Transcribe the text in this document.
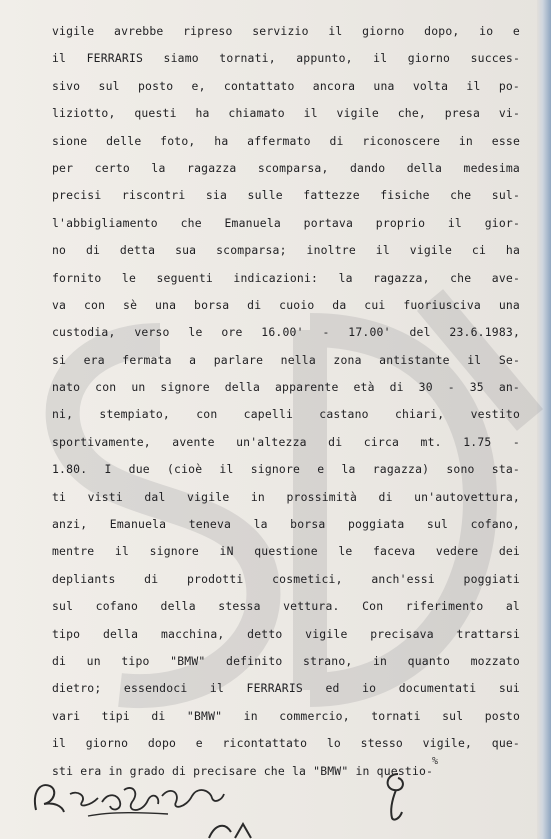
vigile avrebbe ripreso servizio il giorno dopo, io e
il FERRARIS siamo tornati, appunto, il giorno succes-
sivo sul posto e, contattato ancora una volta il po-
liziotto, questi ha chiamato il vigile che, presa vi-
sione delle foto, ha affermato di riconoscere in esse
per certo la ragazza scomparsa, dando della medesima
precisi riscontri sia sulle fattezze fisiche che sul-
l'abbigliamento che Emanuela portava proprio il gior-
no di detta sua scomparsa; inoltre il vigile ci ha
fornito le seguenti indicazioni: la ragazza, che ave-
va con sè una borsa di cuoio da cui fuoriusciva una
custodia, verso le ore 16.00' - 17.00' del 23.6.1983,
si era fermata a parlare nella zona antistante il Se-
nato con un signore della apparente età di 30 - 35 an-
ni, stempiato, con capelli castano chiari, vestito
sportivamente, avente un'altezza di circa mt. 1.75 -
1.80. I due (cioè il signore e la ragazza) sono sta-
ti visti dal vigile in prossimità di un'autovettura,
anzi, Emanuela teneva la borsa poggiata sul cofano,
mentre il signore iN questione le faceva vedere dei
depliants di prodotti cosmetici, anch'essi poggiati
sul cofano della stessa vettura. Con riferimento al
tipo della macchina, detto vigile precisava trattarsi
di un tipo "BMW" definito strano, in quanto mozzato
dietro; essendoci il FERRARIS ed io documentati sui
vari tipi di "BMW" in commercio, tornati sul posto
il giorno dopo e ricontattato lo stesso vigile, que-
sti era in grado di precisare che la "BMW" in questio-
%
